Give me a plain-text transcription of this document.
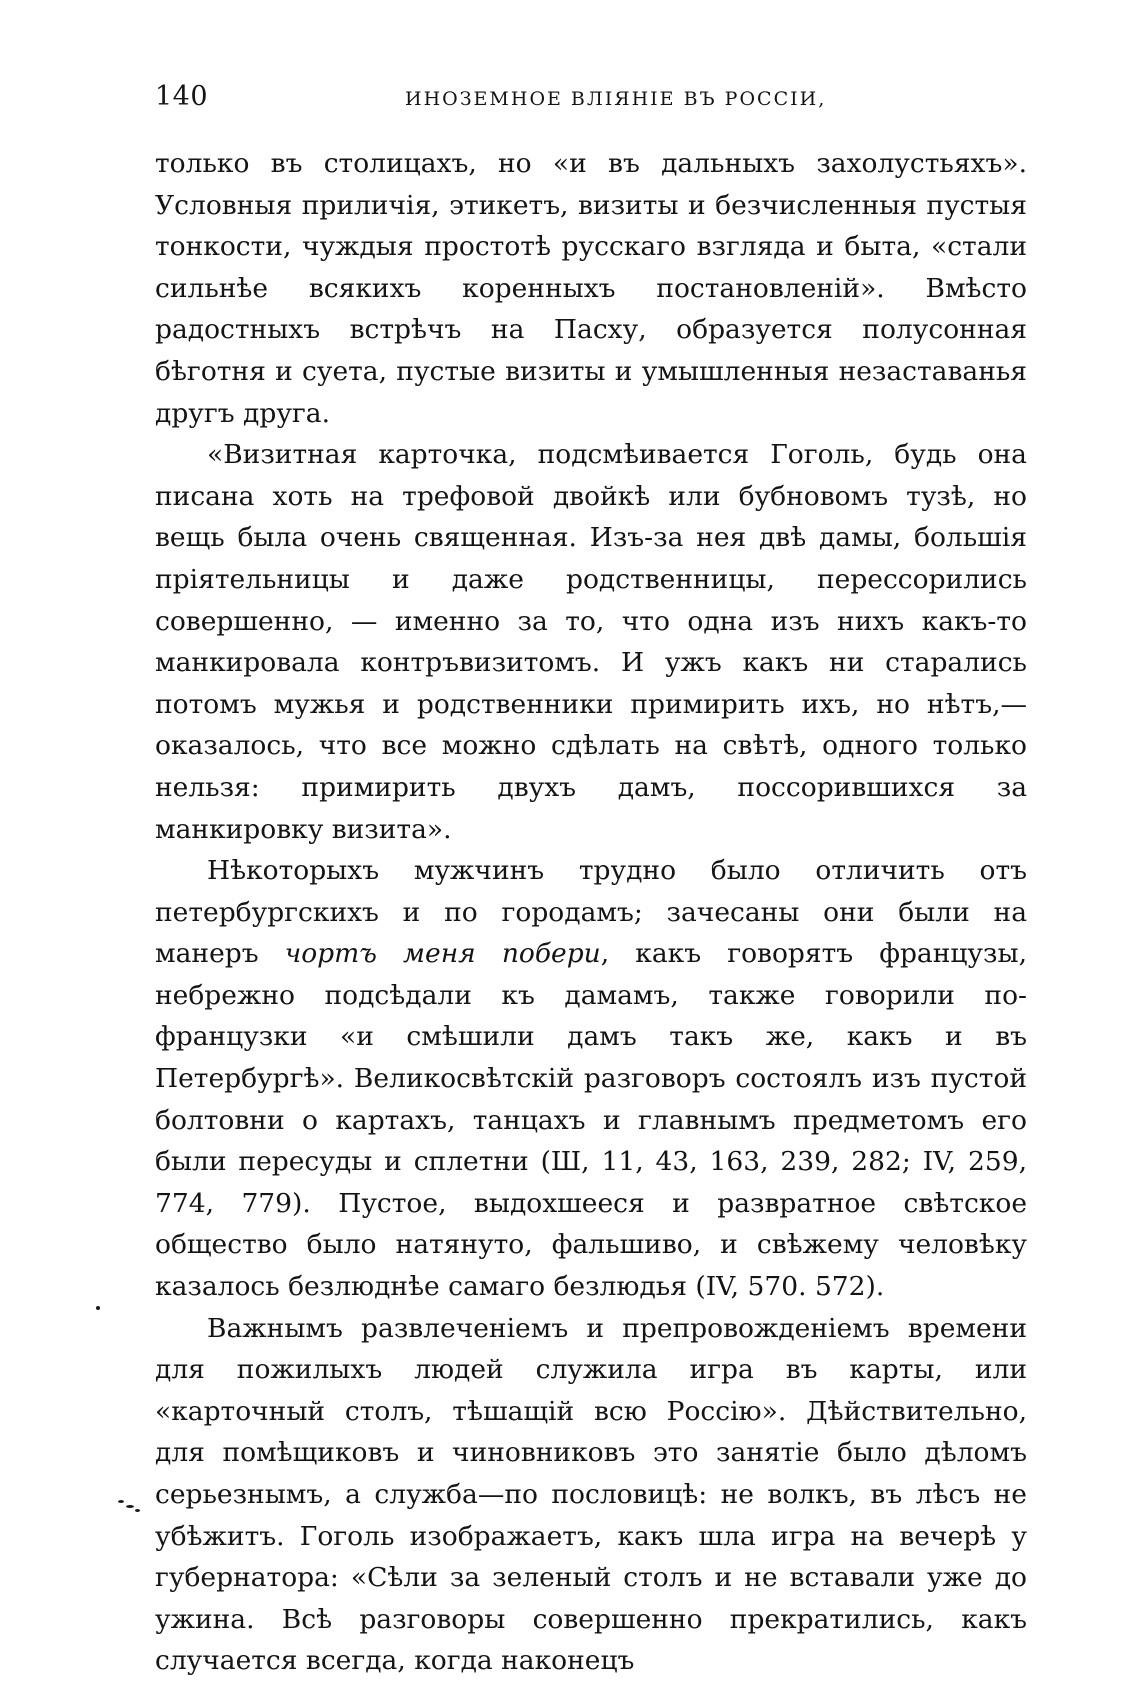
140	ИНОЗЕМНОЕ ВЛІЯНІЕ ВЪ РОССІИ,

только въ столицахъ, но «и въ дальныхъ захолустьяхъ». Условныя приличія, этикетъ, визиты и безчисленныя пустыя тонкости, чуждыя простотѣ русскаго взгляда и быта, «стали сильнѣе всякихъ коренныхъ постановленій». Вмѣсто радостныхъ встрѣчъ на Пасху, образуется полусонная бѣготня и суета, пустые визиты и умышленныя незаставанья другъ друга.

«Визитная карточка, подсмѣивается Гоголь, будь она писана хоть на трефовой двойкѣ или бубновомъ тузѣ, но вещь была очень священная. Изъ-за нея двѣ дамы, большія пріятельницы и даже родственницы, перессорились совершенно, — именно за то, что одна изъ нихъ какъ-то манкировала контръвизитомъ. И ужъ какъ ни старались потомъ мужья и родственники примирить ихъ, но нѣтъ,—оказалось, что все можно сдѣлать на свѣтѣ, одного только нельзя: примирить двухъ дамъ, поссорившихся за манкировку визита».

Нѣкоторыхъ мужчинъ трудно было отличить отъ петербургскихъ и по городамъ; зачесаны они были на манеръ чортъ меня побери, какъ говорятъ французы, небрежно подсѣдали къ дамамъ, также говорили по-французки «и смѣшили дамъ такъ же, какъ и въ Петербургѣ». Великосвѣтскій разговоръ состоялъ изъ пустой болтовни о картахъ, танцахъ и главнымъ предметомъ его были пересуды и сплетни (Ш, 11, 43, 163, 239, 282; IV, 259, 774, 779). Пустое, выдохшееся и развратное свѣтское общество было натянуто, фальшиво, и свѣжему человѣку казалось безлюднѣе самаго безлюдья (IV, 570. 572).

Важнымъ развлеченіемъ и препровожденіемъ времени для пожилыхъ людей служила игра въ карты, или «карточный столъ, тѣшащій всю Россію». Дѣйствительно, для помѣщиковъ и чиновниковъ это занятіе было дѣломъ серьезнымъ, а служба—по пословицѣ: не волкъ, въ лѣсъ не убѣжитъ. Гоголь изображаетъ, какъ шла игра на вечерѣ у губернатора: «Сѣли за зеленый столъ и не вставали уже до ужина. Всѣ разговоры совершенно прекратились, какъ случается всегда, когда наконецъ
